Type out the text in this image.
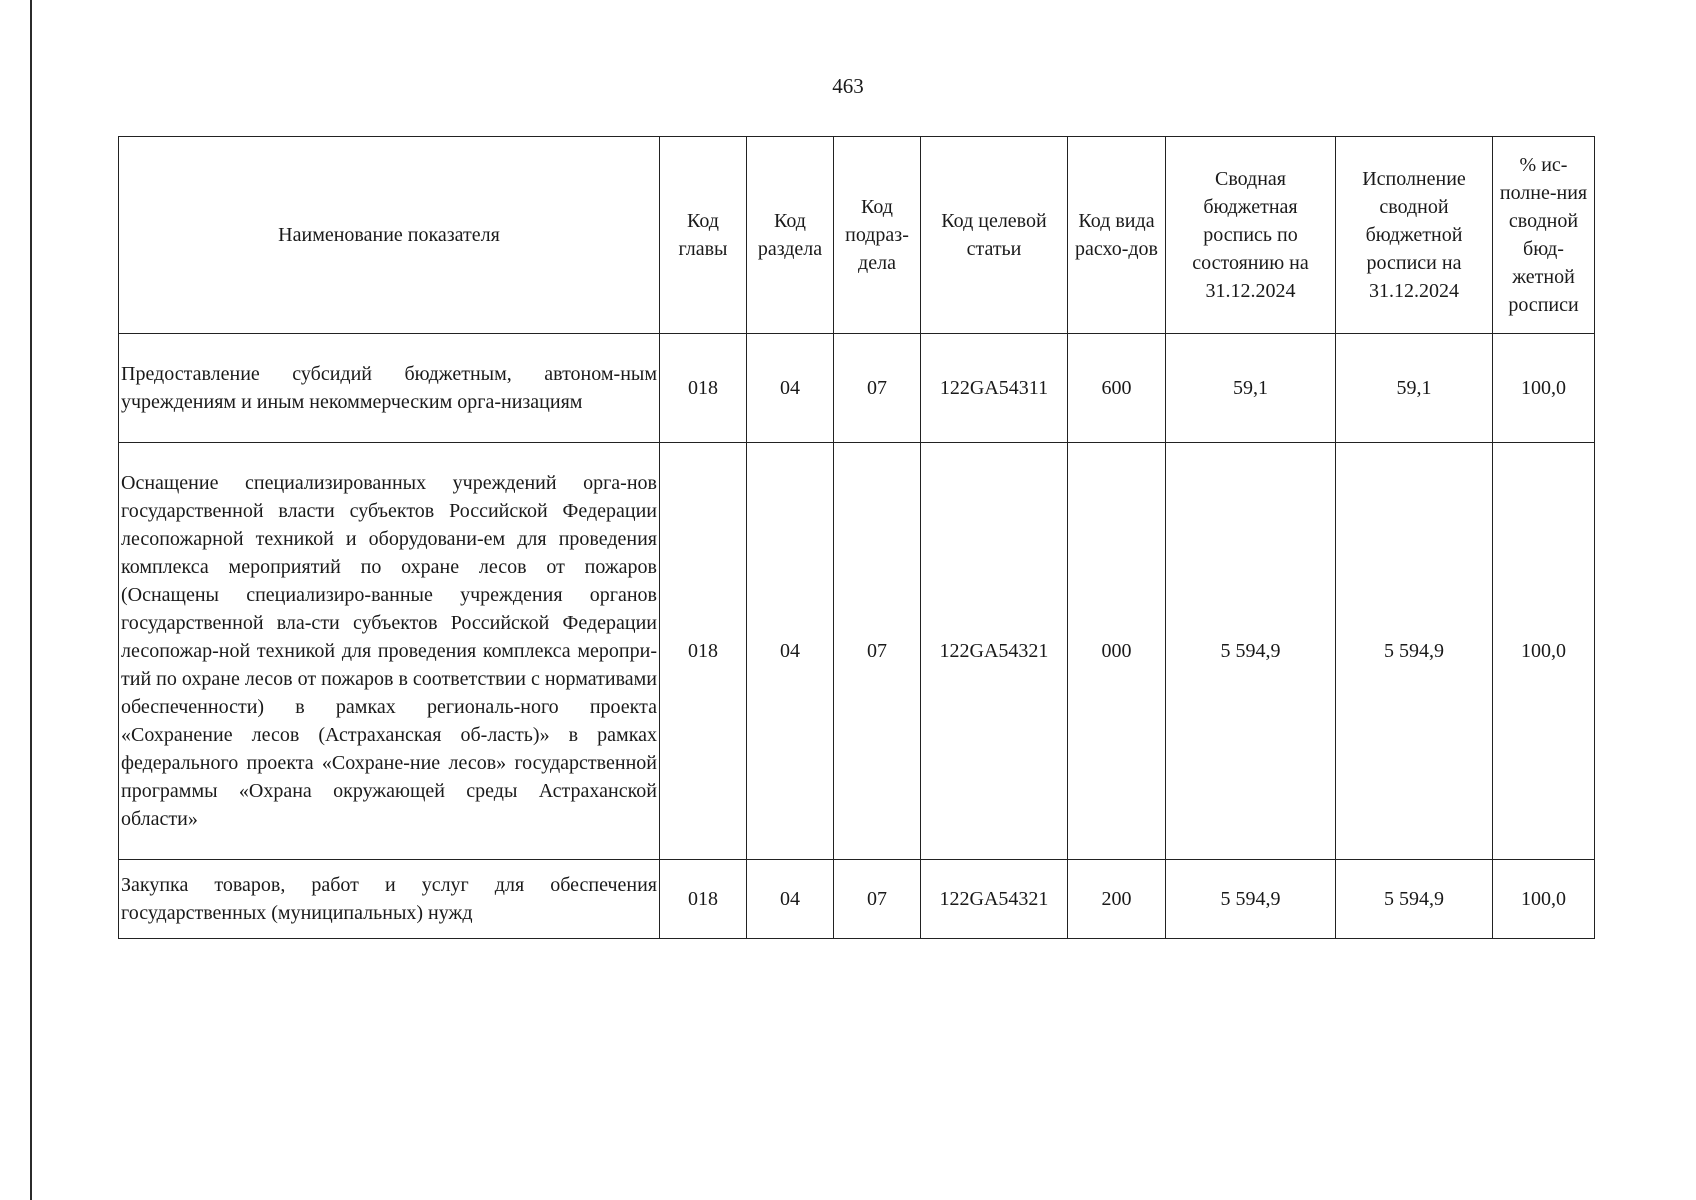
463
Наименование показателя	Код главы	Код раздела	Код подраз-дела	Код целевой статьи	Код вида расхо-дов	Сводная бюджетная роспись по состоянию на 31.12.2024	Исполнение сводной бюджетной росписи на 31.12.2024	% ис-полне-ния сводной бюд-жетной росписи
Предоставление субсидий бюджетным, автоном-ным учреждениям и иным некоммерческим орга-низациям	018	04	07	122GA54311	600	59,1	59,1	100,0
Оснащение специализированных учреждений орга-нов государственной власти субъектов Российской Федерации лесопожарной техникой и оборудовани-ем для проведения комплекса мероприятий по охране лесов от пожаров (Оснащены специализиро-ванные учреждения органов государственной вла-сти субъектов Российской Федерации лесопожар-ной техникой для проведения комплекса меропри-тий по охране лесов от пожаров в соответствии с нормативами обеспеченности) в рамках региональ-ного проекта «Сохранение лесов (Астраханская об-ласть)» в рамках федерального проекта «Сохране-ние лесов» государственной программы «Охрана окружающей среды Астраханской области»	018	04	07	122GA54321	000	5 594,9	5 594,9	100,0
Закупка товаров, работ и услуг для обеспечения государственных (муниципальных) нужд	018	04	07	122GA54321	200	5 594,9	5 594,9	100,0
